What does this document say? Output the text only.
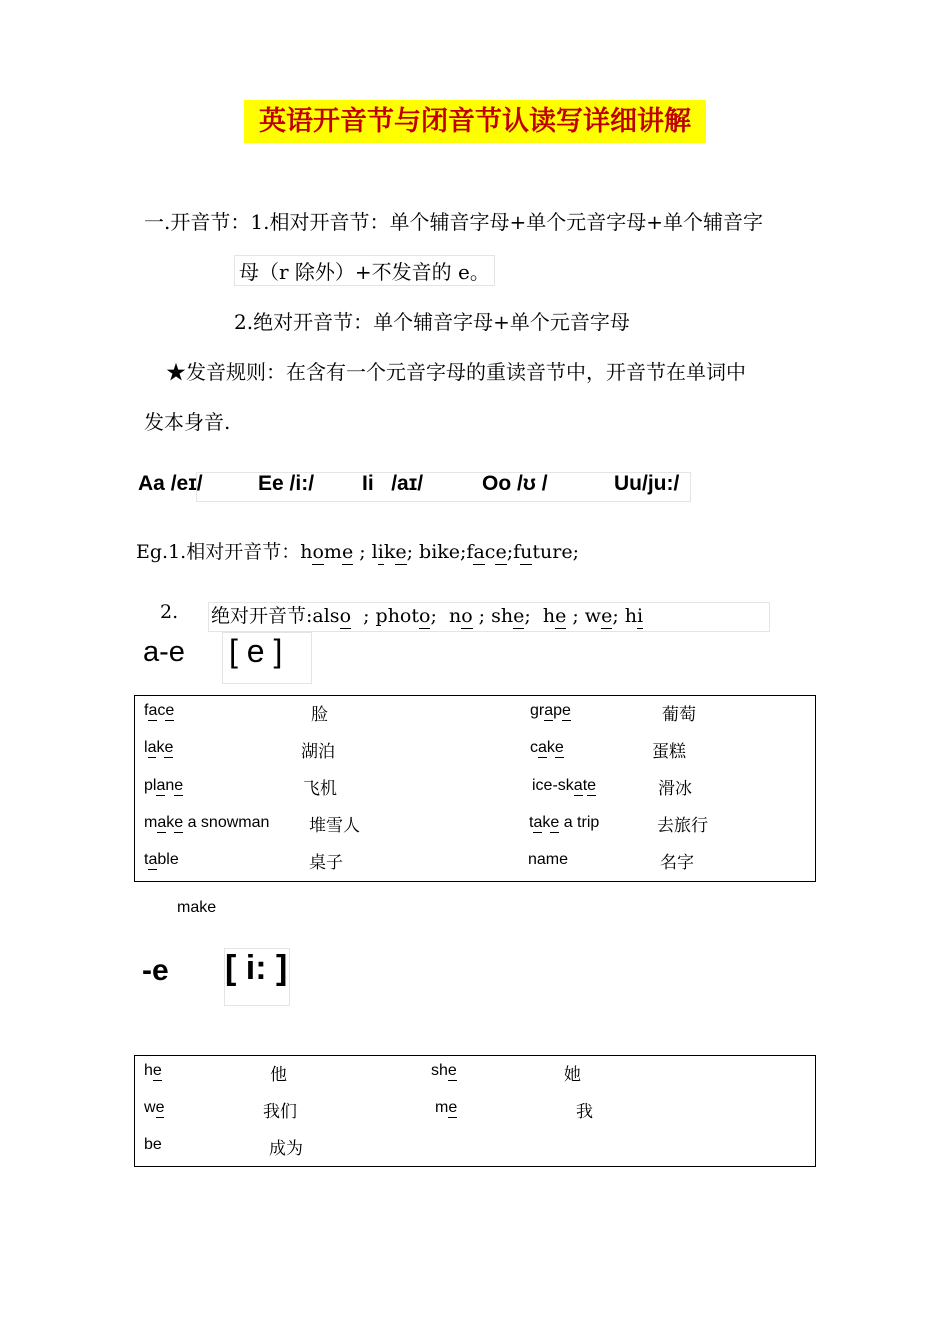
英语开音节与闭音节认读写详细讲解
一.开音节：1.相对开音节：单个辅音字母+单个元音字母+单个辅音字
母（r 除外）+不发音的 e。
2.绝对开音节：单个辅音字母+单个元音字母
★发音规则：在含有一个元音字母的重读音节中，开音节在单词中
发本身音.
Aa /eɪ/	Ee /i:/ Ii /aɪ/	Oo /ʊ /	Uu/ju:/
Eg.1.相对开音节：home ; like; bike;face;future;
2. 绝对开音节:also  ; photo;  no ; she;  he ; we; hi
a-e [ e ]
face	脸	grape	葡萄
lake	湖泊	cake	蛋糕
plane	飞机	ice-skate	滑冰
make a snowman 堆雪人	take a trip	去旅行
table	桌子	name	名字
make
-e [ i: ]
he	他	she	她
we	我们	me	我
be	成为
